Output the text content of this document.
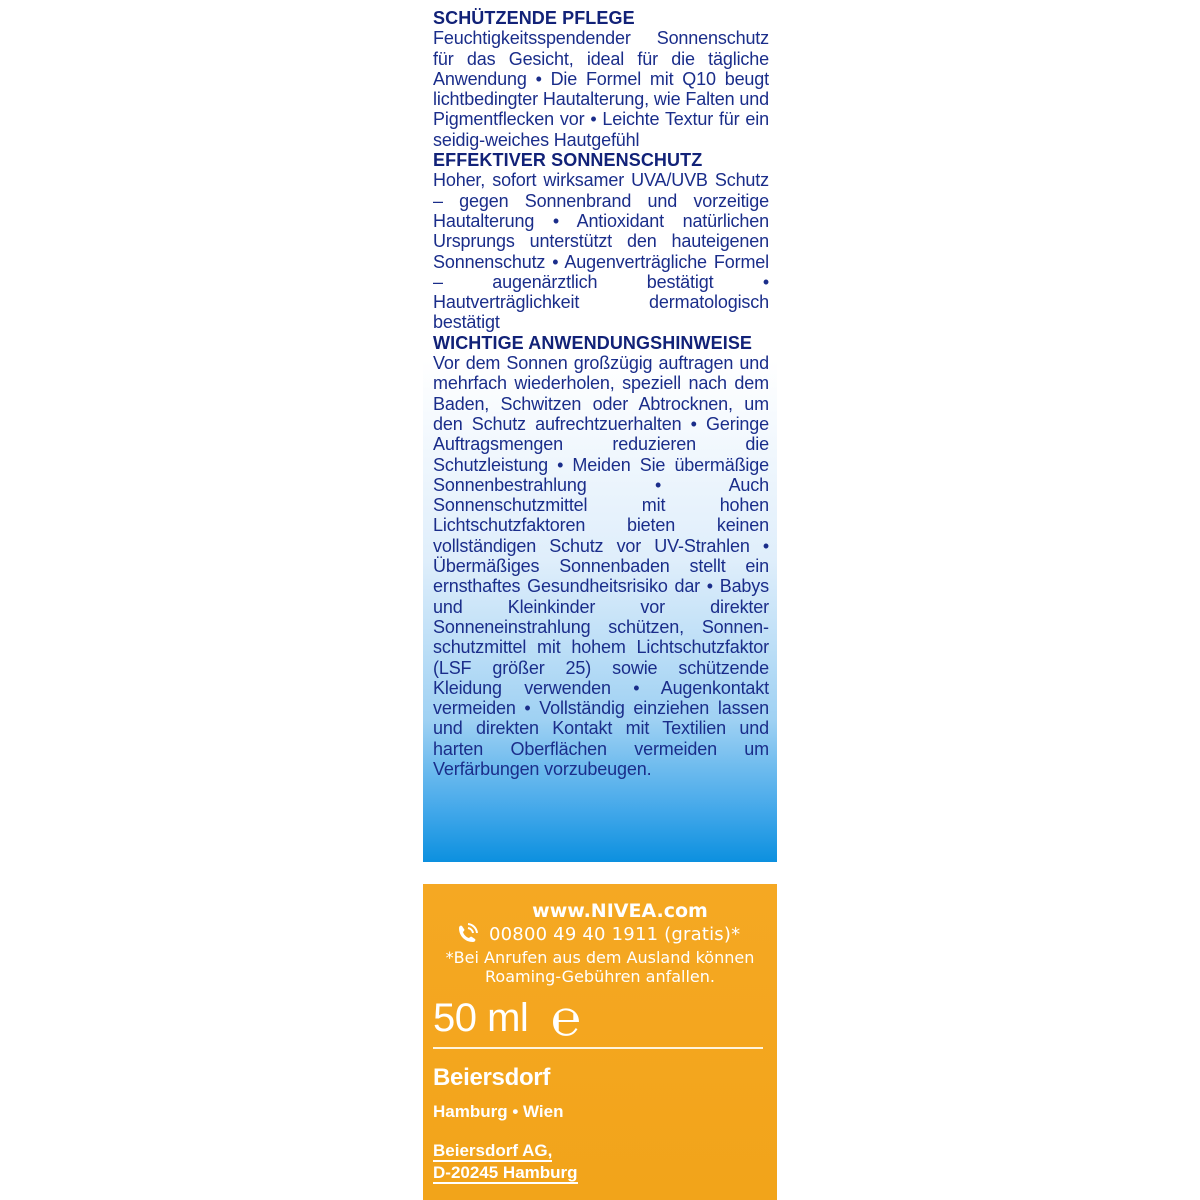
SCHÜTZENDE PFLEGE

Feuchtigkeitsspendender Sonnenschutz für das Gesicht, ideal für die tägliche Anwendung • Die Formel mit Q10 beugt lichtbedingter Hautalterung, wie Falten und Pigmentflecken vor • Leichte Textur für ein seidig-weiches Hautgefühl

EFFEKTIVER SONNENSCHUTZ

Hoher, sofort wirksamer UVA/UVB Schutz – gegen Sonnenbrand und vorzeitige Hautalterung • Antioxidant natürlichen Ursprungs unterstützt den hauteigenen Sonnenschutz • Augenverträgliche Formel – augenärztlich bestätigt • Hautverträglichkeit dermatologisch bestätigt

WICHTIGE ANWENDUNGSHINWEISE

Vor dem Sonnen großzügig auftragen und mehrfach wiederholen, speziell nach dem Baden, Schwitzen oder Abtrocknen, um den Schutz aufrechtzuerhalten • Geringe Auftragsmengen reduzieren die Schutzleistung • Meiden Sie übermäßige Sonnenbestrahlung • Auch Sonnenschutzmittel mit hohen Lichtschutzfaktoren bieten keinen vollständigen Schutz vor UV-Strahlen • Übermäßiges Sonnenbaden stellt ein ernsthaftes Gesundheitsrisiko dar • Babys und Kleinkinder vor direkter Sonneneinstrahlung schützen, Sonnenschutzmittel mit hohem Lichtschutzfaktor (LSF größer 25) sowie schützende Kleidung verwenden • Augenkontakt vermeiden • Vollständig einziehen lassen und direkten Kontakt mit Textilien und harten Oberflächen vermeiden um Verfärbungen vorzubeugen.

www.NIVEA.com
00800 49 40 1911 (gratis)*
*Bei Anrufen aus dem Ausland können
Roaming-Gebühren anfallen.
50 ml ℮
Beiersdorf
Hamburg • Wien
Beiersdorf AG,
D-20245 Hamburg
